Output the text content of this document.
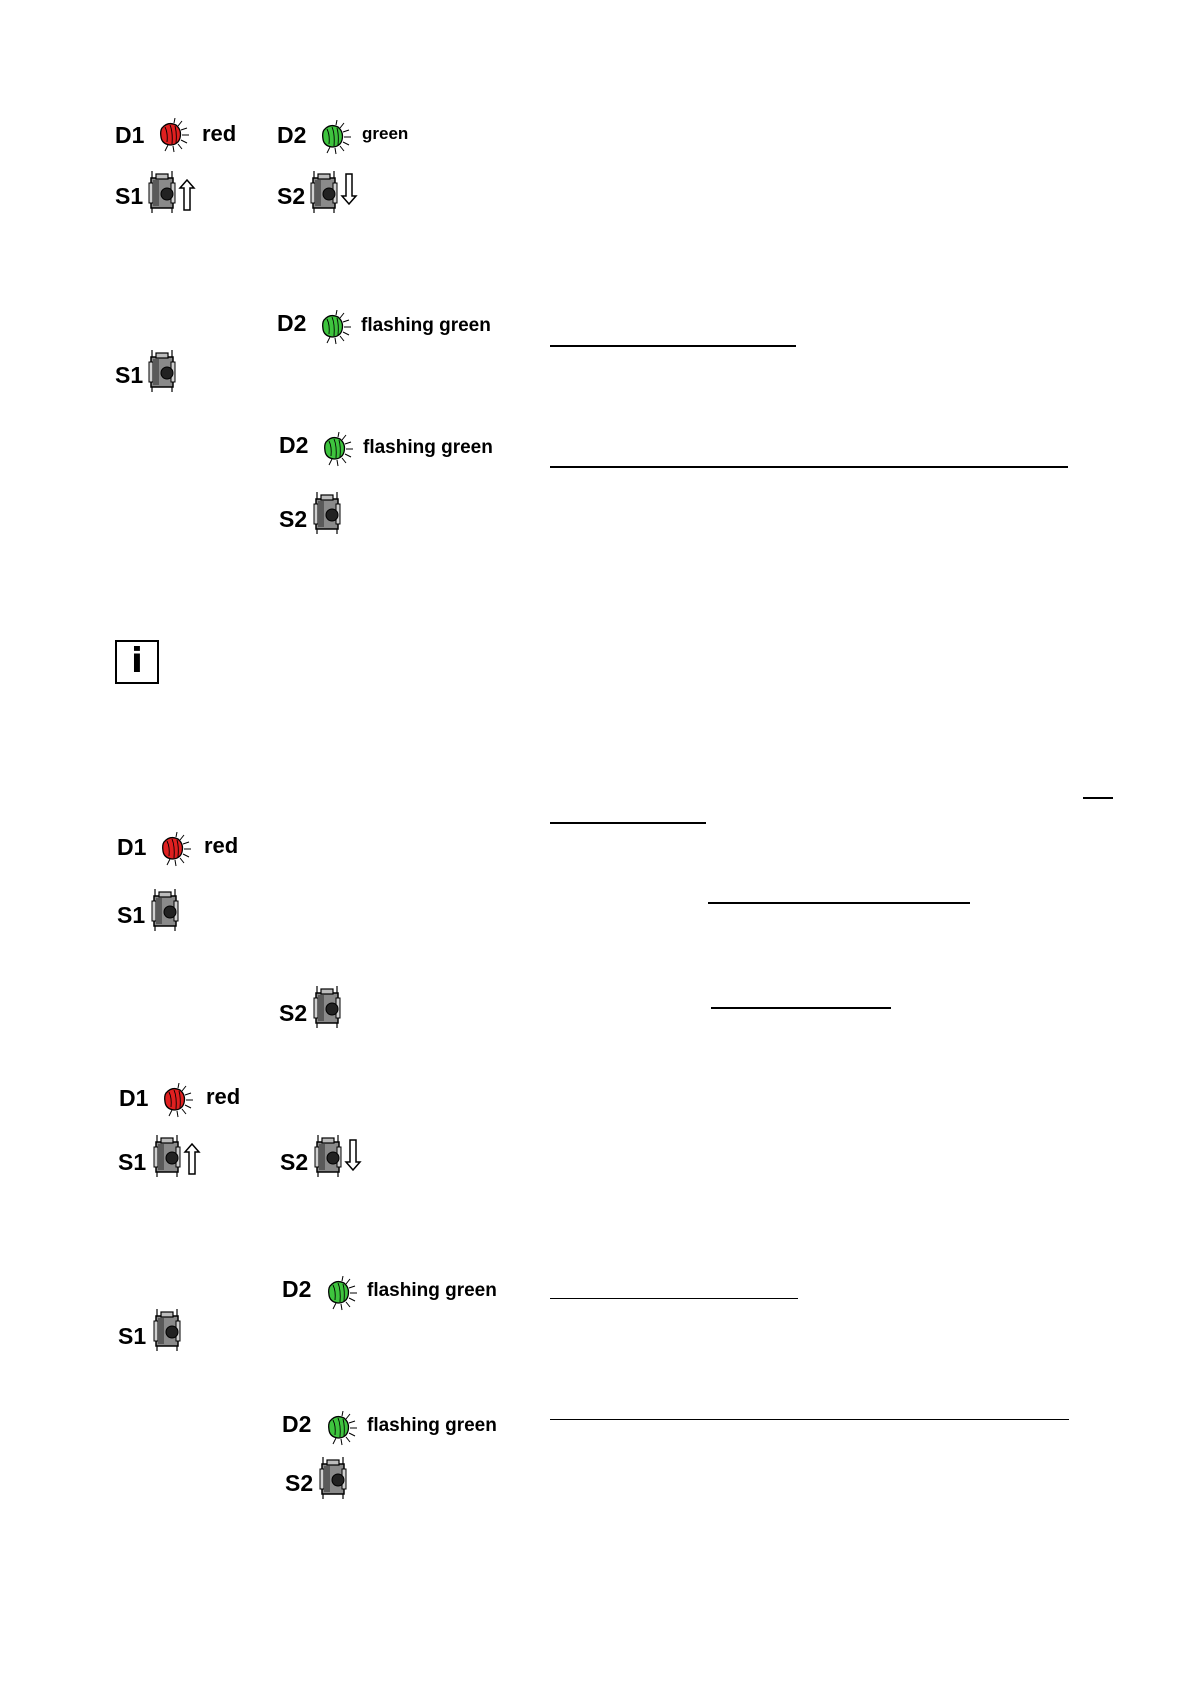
D1	red D2	green
S1	S2
D2	flashing green
S1
D2	flashing green
S2
i
D1	red
S1
S2
D1	red
S1	S2
D2	flashing green
S1
D2	flashing green
S2
